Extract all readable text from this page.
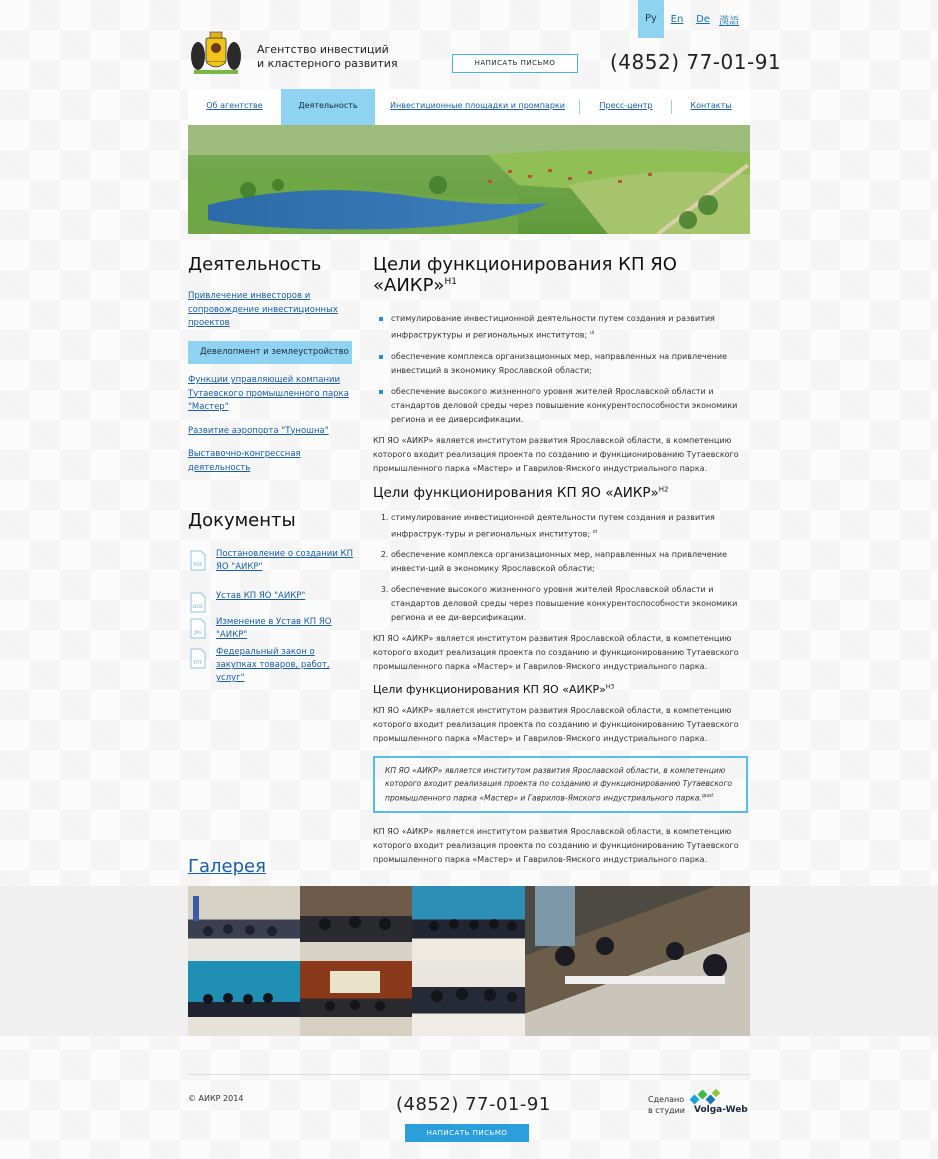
Ру	En	De 漢語
Агентство инвестиций
и кластерного развития	НАПИСАТЬ ПИСЬМО	(4852) 77-01-91
Об агентстве	Деятельность	Инвестиционные площадки и промпарки	Пресс-центр	Контакты
Деятельность
Привлечение инвесторов и сопровождение инвестиционных проектов
Девелопмент и землеустройство
Функции управляющей компании Тутаевского промышленного парка "Мастер"
Развитие аэропорта "Туношна"
Выставочно-конгрессная деятельность
Документы
PDF
Постановление о создании КП ЯО "АИКР"
DOC
Устав КП ЯО "АИКР"
JPG
Изменение в Устав КП ЯО "АИКР"
RTF
Федеральный закон о закупках товаров, работ, услуг"
Цели функционирования КП ЯО «АИКР»$^{H1}$
стимулирование инвестиционной деятельности путем создания и развития инфраструктуры и региональных институтов; $^{ul}$
обеспечение комплекса организационных мер, направленных на привлечение инвестиций в экономику Ярославской области;
обеспечение высокого жизненного уровня жителей Ярославской области и стандартов деловой среды через повышение конкурентоспособности экономики региона и ее диверсификации.

КП ЯО «АИКР» является институтом развития Ярославской области, в компетенцию которого входит реализация проекта по созданию и функционированию Тутаевского промышленного парка «Мастер» и Гаврилов-Ямского индустриального парка.

Цели функционирования КП ЯО «АИКР»$^{H2}$
1. стимулирование инвестиционной деятельности путем создания и развития инфраструк-туры и региональных институтов; $^{ol}$
2. обеспечение комплекса организационных мер, направленных на привлечение инвести-ций в экономику Ярославской области;
3. обеспечение высокого жизненного уровня жителей Ярославской области и стандартов деловой среды через повышение конкурентоспособности экономики региона и ее ди-версификации.

КП ЯО «АИКР» является институтом развития Ярославской области, в компетенцию которого входит реализация проекта по созданию и функционированию Тутаевского промышленного парка «Мастер» и Гаврилов-Ямского индустриального парка.

Цели функционирования КП ЯО «АИКР»$^{H3}$

КП ЯО «АИКР» является институтом развития Ярославской области, в компетенцию которого входит реализация проекта по созданию и функционированию Тутаевского промышленного парка «Мастер» и Гаврилов-Ямского индустриального парка.

КП ЯО «АИКР» является институтом развития Ярославской области, в компетенцию которого входит реализация проекта по созданию и функционированию Тутаевского промышленного парка «Мастер» и Гаврилов-Ямского индустриального парка.$^{quot}$

КП ЯО «АИКР» является институтом развития Ярославской области, в компетенцию которого входит реализация проекта по созданию и функционированию Тутаевского промышленного парка «Мастер» и Гаврилов-Ямского индустриального парка.

Галерея
© АИКР 2014	(4852) 77-01-91
НАПИСАТЬ ПИСЬМО
Сделано
в студии Volga-Web
